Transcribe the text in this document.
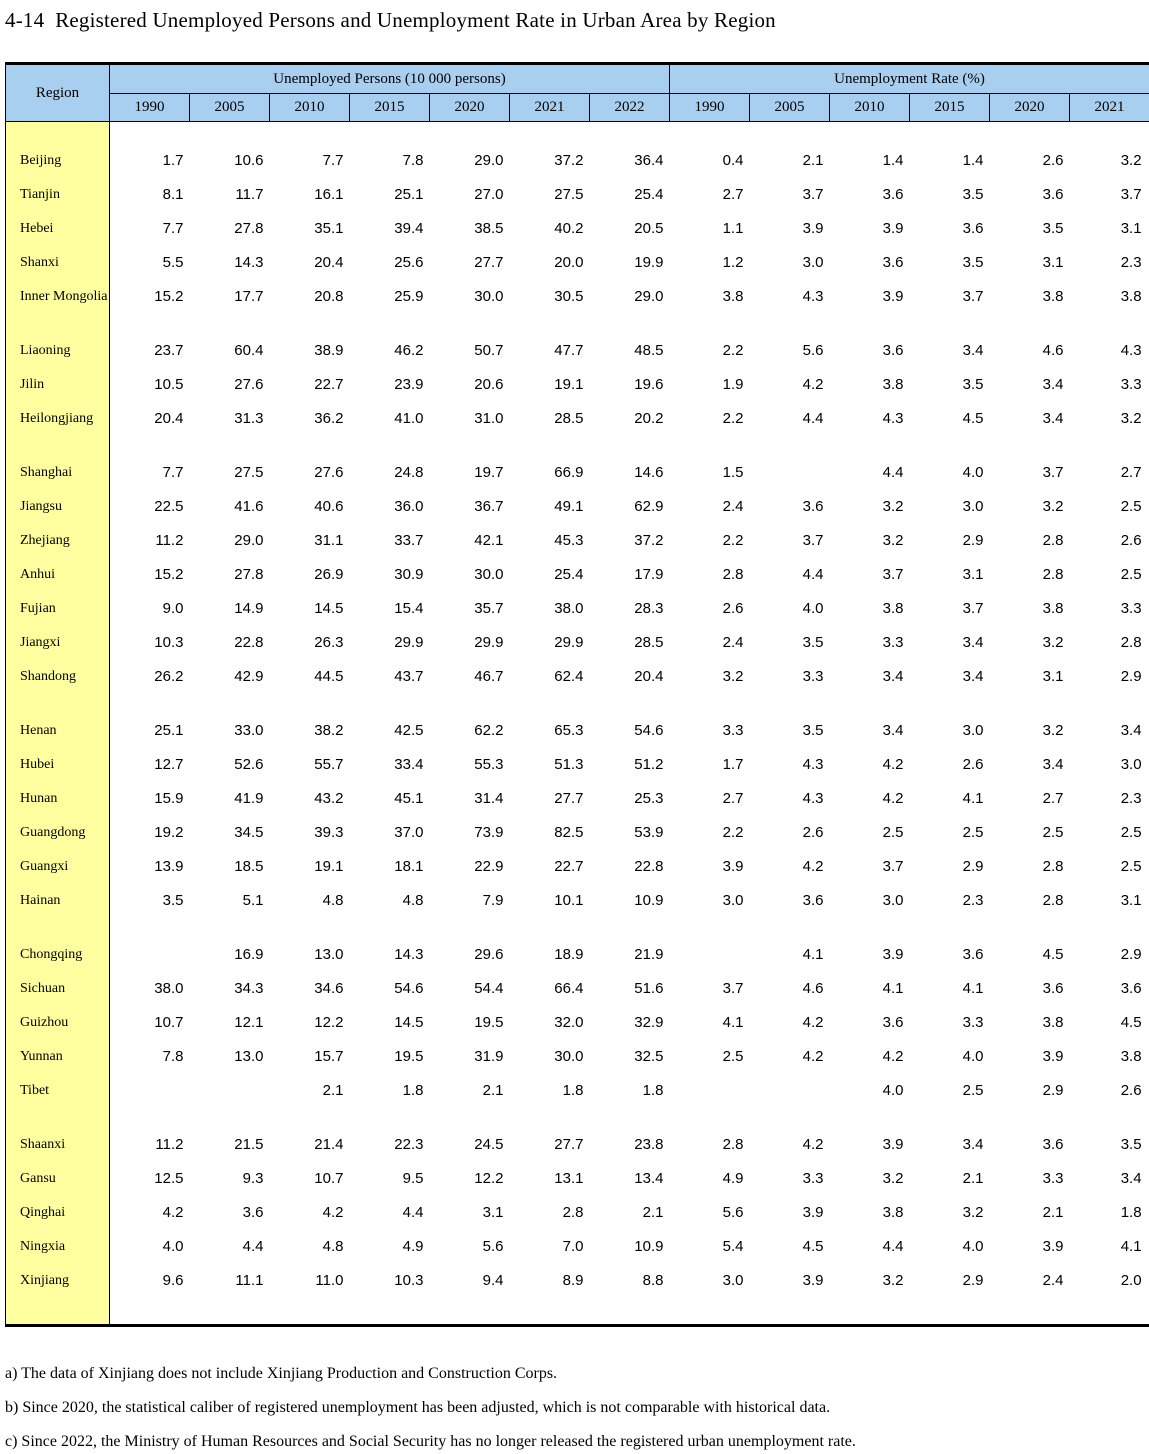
4-14  Registered Unemployed Persons and Unemployment Rate in Urban Area by Region
Region	Unemployed Persons (10 000 persons)							Unemployment Rate (%)					
	1990	2005	2010	2015	2020	2021	2022	1990	2005	2010	2015	2020	2021

Beijing	1.7	10.6	7.7	7.8	29.0	37.2	36.4	0.4	2.1	1.4	1.4	2.6	3.2
Tianjin	8.1	11.7	16.1	25.1	27.0	27.5	25.4	2.7	3.7	3.6	3.5	3.6	3.7
Hebei	7.7	27.8	35.1	39.4	38.5	40.2	20.5	1.1	3.9	3.9	3.6	3.5	3.1
Shanxi	5.5	14.3	20.4	25.6	27.7	20.0	19.9	1.2	3.0	3.6	3.5	3.1	2.3
Inner Mongolia	15.2	17.7	20.8	25.9	30.0	30.5	29.0	3.8	4.3	3.9	3.7	3.8	3.8

Liaoning	23.7	60.4	38.9	46.2	50.7	47.7	48.5	2.2	5.6	3.6	3.4	4.6	4.3
Jilin	10.5	27.6	22.7	23.9	20.6	19.1	19.6	1.9	4.2	3.8	3.5	3.4	3.3
Heilongjiang	20.4	31.3	36.2	41.0	31.0	28.5	20.2	2.2	4.4	4.3	4.5	3.4	3.2

Shanghai	7.7	27.5	27.6	24.8	19.7	66.9	14.6	1.5		4.4	4.0	3.7	2.7
Jiangsu	22.5	41.6	40.6	36.0	36.7	49.1	62.9	2.4	3.6	3.2	3.0	3.2	2.5
Zhejiang	11.2	29.0	31.1	33.7	42.1	45.3	37.2	2.2	3.7	3.2	2.9	2.8	2.6
Anhui	15.2	27.8	26.9	30.9	30.0	25.4	17.9	2.8	4.4	3.7	3.1	2.8	2.5
Fujian	9.0	14.9	14.5	15.4	35.7	38.0	28.3	2.6	4.0	3.8	3.7	3.8	3.3
Jiangxi	10.3	22.8	26.3	29.9	29.9	29.9	28.5	2.4	3.5	3.3	3.4	3.2	2.8
Shandong	26.2	42.9	44.5	43.7	46.7	62.4	20.4	3.2	3.3	3.4	3.4	3.1	2.9

Henan	25.1	33.0	38.2	42.5	62.2	65.3	54.6	3.3	3.5	3.4	3.0	3.2	3.4
Hubei	12.7	52.6	55.7	33.4	55.3	51.3	51.2	1.7	4.3	4.2	2.6	3.4	3.0
Hunan	15.9	41.9	43.2	45.1	31.4	27.7	25.3	2.7	4.3	4.2	4.1	2.7	2.3
Guangdong	19.2	34.5	39.3	37.0	73.9	82.5	53.9	2.2	2.6	2.5	2.5	2.5	2.5
Guangxi	13.9	18.5	19.1	18.1	22.9	22.7	22.8	3.9	4.2	3.7	2.9	2.8	2.5
Hainan	3.5	5.1	4.8	4.8	7.9	10.1	10.9	3.0	3.6	3.0	2.3	2.8	3.1

Chongqing		16.9	13.0	14.3	29.6	18.9	21.9		4.1	3.9	3.6	4.5	2.9
Sichuan	38.0	34.3	34.6	54.6	54.4	66.4	51.6	3.7	4.6	4.1	4.1	3.6	3.6
Guizhou	10.7	12.1	12.2	14.5	19.5	32.0	32.9	4.1	4.2	3.6	3.3	3.8	4.5
Yunnan	7.8	13.0	15.7	19.5	31.9	30.0	32.5	2.5	4.2	4.2	4.0	3.9	3.8
Tibet			2.1	1.8	2.1	1.8	1.8			4.0	2.5	2.9	2.6

Shaanxi	11.2	21.5	21.4	22.3	24.5	27.7	23.8	2.8	4.2	3.9	3.4	3.6	3.5
Gansu	12.5	9.3	10.7	9.5	12.2	13.1	13.4	4.9	3.3	3.2	2.1	3.3	3.4
Qinghai	4.2	3.6	4.2	4.4	3.1	2.8	2.1	5.6	3.9	3.8	3.2	2.1	1.8
Ningxia	4.0	4.4	4.8	4.9	5.6	7.0	10.9	5.4	4.5	4.4	4.0	3.9	4.1
Xinjiang	9.6	11.1	11.0	10.3	9.4	8.9	8.8	3.0	3.9	3.2	2.9	2.4	2.0

a) The data of Xinjiang does not include Xinjiang Production and Construction Corps.
b) Since 2020, the statistical caliber of registered unemployment has been adjusted, which is not comparable with historical data.
c) Since 2022, the Ministry of Human Resources and Social Security has no longer released the registered urban unemployment rate.
